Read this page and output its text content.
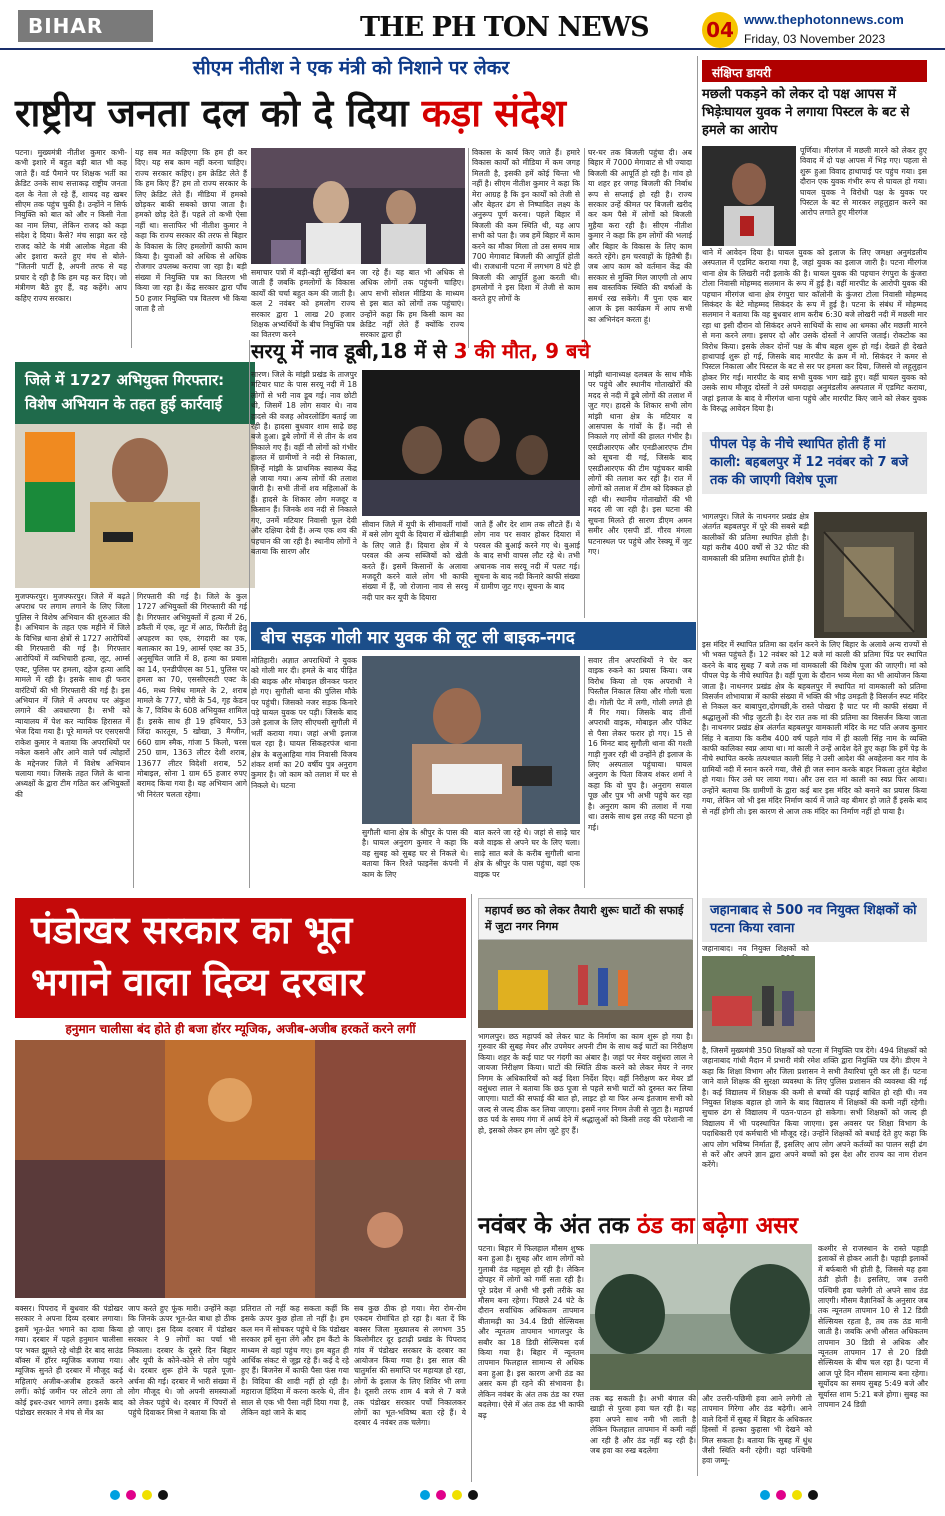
BIHAR	THE PH TON NEWS	04 www.thephotonnews.com
Friday, 03 November 2023
सीएम नीतीश ने एक मंत्री को निशाने पर लेकर
राष्ट्रीय जनता दल को दे दिया कड़ा संदेश
पटना। मुख्यमंत्री नीतीश कुमार कभी-कभी इशारे में बहुत बड़ी बात भी कह जाते हैं। वर्ड पैमाने पर शिक्षक भर्ती का क्रेडिट उनके साथ सत्ताकढ़ राष्ट्रीय जनता दल के नेता ले रहे हैं, शायद वह खबर सीएम तक पहुंच चुकी है। उन्होंने न सिर्फ नियुक्ति को बात को और न किसी नेता का नाम लिया, लेकिन राजद को कड़ा संदेश दे दिया। कैसे? मंच साझा कर रहे राजद कोटे के मंत्री आलोक मेहता की ओर इशारा करते हुए मंच से बोले- "जितनी पार्टी है, अपनी तरफ से यह प्रचार दे रही है कि हम यह कर दिए। जो मंत्रीगण बैठे हुए हैं, वह कहेंगे। आप कहिए राज्य सरकार।
यह सब मत कहिएगा कि हम ही कर दिए। यह सब काम नहीं करना चाहिए। राज्य सरकार कहिए। हम क्रेडिट लेते हैं कि हम किए हैं? हम तो राज्य सरकार के लिए क्रेडिट लेते हैं। मीडिया में हमको छोड़कर बाकी सबको छापा जाता है। हमको छोड़ देते हैं। पहले तो कभी ऐसा नहीं था। सत्ताफिर भी नीतीश कुमार ने कहा कि राज्य सरकार की तरफ से बिहार के विकास के लिए हमलोगों काफी काम किया है। युवाओं को अधिक से अधिक रोजगार उपलब्ध कराया जा रहा है। बड़ी संख्या में नियुक्ति पत्र का वितरण भी किया जा रहा है। केंद्र सरकार द्वारा पाँच 50 हजार नियुक्ति पत्र वितरण भी किया जाता है तो
समाचार पत्रों में बड़ी-बड़ी सुर्खियां बन जाती हैं जबकि हमलोगों के विकास कार्यों की चर्चा बहुत कम की जाती है। कल 2 नवंबर को हमलोग राज्य सरकार द्वारा 1 लाख 20 हजार शिक्षक अभ्यर्थियों के बीच नियुक्ति पत्र का वितरण करने
जा रहे हैं। यह बात भी अधिक से अधिक लोगों तक पहुंचनी चाहिए। आप सभी सोशल मीडिया के माध्यम से इस बात को लोगों तक पहुंचाएं। उन्होंने कहा कि हम किसी काम का क्रेडिट नहीं लेते हैं क्योंकि राज्य सरकार द्वारा ही
विकास के कार्य किए जाते हैं। हमारे विकास कार्यों को मीडिया में कम जगह मिलती है, इसकी हमें कोई चिन्ता भी नहीं है। सीएम नीतीश कुमार ने कहा कि मेरा आग्रह है कि इन कार्यों को तेजी से और बेहतर ढंग से निष्पादित लक्ष्य के अनुरूप पूर्ण करना। पहले बिहार में बिजली की कम स्थिति थी, यह आप सभी को पता है। जब हमें बिहार में काम करने का मौका मिला तो उस समय मात्र 700 मेगावाट बिजली की आपूर्ति होती थी। राजधानी पटना में लगभग 8 घंटे ही बिजली की आपूर्ति हुआ करती थी। हमलोगों ने इस दिशा में तेजी से काम करते हुए लोगों के
घर-घर तक बिजली पहुंचा दी। अब बिहार में 7000 मेगावाट से भी ज्यादा बिजली की आपूर्ति हो रही है। गांव हो या शहर हर जगह बिजली की निर्बाध रूप से सप्लाई हो रही है। राज्य सरकार उन्हें कीमत पर बिजली खरीद कर कम पैसे में लोगों को बिजली मुहैया करा रही है। सीएम नीतीश कुमार ने कहा कि हम लोगों की भलाई और बिहार के विकास के लिए काम करते रहेंगे। हम चरवाहों के हितैषी हैं। जब आप काम को वर्तमान केंद्र की सरकार से मुक्ति मिल जाएगी तो आप सब वास्तविक स्थिति की वर्षाओं के समर्थ रख सकेंगे। मैं पुनः एक बार आज के इस कार्यक्रम में आप सभी का अभिनंदन करता हूं।
संक्षिप्त डायरी
मछली पकड़ने को लेकर दो पक्ष आपस में भिड़ेःघायल युवक ने लगाया पिस्टल के बट से हमले का आरोप
पूर्णिया। मीरगंज में मछली मारने को लेकर हुए विवाद में दो पक्ष आपस में भिड़ गए। पहला से शुरू हुआ विवाद हाथापाई पर पहुंच गया। इस दौरान एक युवक गंभीर रूप से घायल हो गया। घायल युवक ने विरोधी पक्ष के युवक पर पिस्टल के बट से मारकर लहूलुहान करने का आरोप लगाते हुए मीरगंज
थाने में आवेदन दिया है। घायल युवक को इलाज के लिए जमक्षा अनुमंडलीय अस्पताल में एडमिट कराया गया है, जहां युवक का इलाज जारी है। पटना मीरगंज थाना क्षेत्र के लिखरी नदी इलाके की है। घायल युवक की पहचान रंगपुरा के कुंजरा टोला निवासी मोहम्मद सलमान के रूप में हुई है। वहीं मारपीट के आरोपी युवक की पहचान मीरगंज थाना क्षेत्र रंगपुरा चार कॉलोनी के कुंजरा टोला निवासी मोहम्मद सिकंदर के बेटे मोहम्मद सिकंदर के रूप में हुई है। पटना के संबंध में मोहम्मद सलमान ने बताया कि वह बुधवार शाम करीब 6:30 बजे लोखरी नदी में मछली मार रहा था इसी दौरान वो सिकंदर अपने साथियों के साथ आ धमका और मछली मारने से मना करने लगा। इसपर दो और उसके दोस्तों ने आपत्ति जताई। रोकटोक का विरोध किया। इसके लेकर दोनों पक्ष के बीच बहस शुरू हो गई। देखते ही देखते हाथापाई शुरू हो गई, जिसके बाद मारपीट के क्रम में मो. सिकंदर ने कमर से पिस्टल निकाला और पिस्टल के बट से सर पर हमला कर दिया, जिससे वो लहूलुहान होकर गिर गई। मारपीट के बाद सभी युवक भाग खड़े हुए। वहीं घायल युवक को उसके साथ मौजूद दोस्तों ने उसे घमदाहा अनुमंडलीय अस्पताल में एडमिट कराया, जहां इलाज के बाद वे मीरगंज थाना पहुंचे और मारपीट किए जाने को लेकर युवक के विरुद्ध आवेदन दिया है।
पीपल पेड़ के नीचे स्थापित होती हैं मां काली: बहबलपुर में 12 नवंबर को 7 बजे तक की जाएगी विशेष पूजा
भागलपुर। जिले के नाथनगर प्रखंड क्षेत्र अंतर्गत बहबलपुर में पूरे की सबसे बड़ी कालीकों की प्रतिमा स्थापित होती है। यहां करीब 400 वर्षों से 32 फीट की वामकाली की प्रतिमा स्थापित होती है।
इस मंदिर में स्थापित प्रतिमा का दर्शन करने के लिए बिहार के अलावे अन्य राज्यों से भी भक्त पहुंचते हैं। 12 नवंबर को 12 बजे मां काली की प्रतिमा पिंड पर स्थापित करने के बाद सुबह 7 बजे तक मां वामकाली की विशेष पूजा की जाएगी। मां को पीपल पेड़ के नीचे स्थापित है। वहीं पूजा के दौरान भव्य मेला का भी आयोजन किया जाता है। नाथनगर प्रखंड क्षेत्र के बहबलपुर में स्थापित मां वामकाली को प्रतिमा विसर्जन शोभायात्रा में काफी संख्या में भक्ति की भीड़ उमड़ती है विसर्जन स्पट मंदिर से निकल कर बाबापुरा,दोगच्छी,के रास्ते पोखरा है घाट पर मी काफी संख्या में श्रद्धालुओं की भीड़ जुटती है। देर रात तक मां की प्रतिमा का विसर्जन किया जाता है। नाथनगर प्रखंड क्षेत्र अंतर्गत बहबलपुर वामकाली मंदिर के मट पति अजय कुमार सिंह ने बताया कि करीब 400 वर्ष पहले गांव में ही काली सिंह नाम के व्यक्ति काफी कालिका स्वप्न आया था। मां काली ने उन्हें आदेश देते हुए कहा कि हमें पेड़ के नीचे स्थापित करके तत्पश्चात काली सिंह ने उसी आदेश की अवहेलना कर गांव के ग्रामियों नदी में स्नान करने गया, जैसे ही जल स्नान करके बाहर निकला तुरंत बेहोश हो गया। फिर उसे घर लाया गया। और उस रात मां काली का स्वप्न फिर आया। उन्होंने बताया कि ग्रामीणों के द्वारा कई बार इस मंदिर को बनाने का प्रयास किया गया, लेकिन जो भी इस मंदिर निर्माण कार्य में जाते वह बीमार हो जाते हैं इसके बाद से नहीं होगी तो। इस कारण से आज तक मंदिर का निर्माण नहीं हो पाया है।
जहानाबाद से 500 नव नियुक्त शिक्षकों को पटना किया रवाना
जहानाबाद। नव नियुक्त शिक्षकों को
है, जिसमें मुख्यमंत्री 350 शिक्षकों को पटना में नियुक्ति पत्र देंगे। 494 शिक्षकों को जहानाबाद गांधी मैदान में प्रभारी मंत्री रमेश शक्ति द्वारा नियुक्ति पत्र देंगे। डीएम ने कहा कि शिक्षा विभाग और जिला प्रशासन ने सभी तैयारियां पूरी कर ली हैं। पटना जाने वाले शिक्षक की सुरक्षा व्यवस्था के लिए पुलिस प्रशासन की व्यवस्था की गई है। कई विद्यालय में शिक्षक की कमी से बच्चों की पढ़ाई बाधित हो रही थी। नव नियुक्त शिक्षक बहाल हो जाने के बाद विद्यालय में शिक्षकों की कमी नहीं रहेगी। सुचारु ढंग से विद्यालय में पठन-पाठन हो सकेगा। सभी शिक्षकों को जल्द ही विद्यालय में भी पदस्थापित किया जाएगा। इस अवसर पर शिक्षा विभाग के पदाधिकारी एवं कर्मचारी भी मौजूद रहे। उन्होंने शिक्षकों को बधाई देते हुए कहा कि आप लोग भविष्य निर्माता हैं, इसलिए आप लोग अपने कर्तव्यों का पालन सही ढंग से करें और अपने ज्ञान द्वारा अपने बच्चों को इस देश और राज्य का नाम रोशन करेंगे।
जिले में 1727 अभियुक्त गिरफ्तार:
विशेष अभियान के तहत हुई कार्रवाई
मुजफ्फरपुर। मुजफ्फरपुर। जिले में बढ़ते अपराध पर लगाम लगाने के लिए जिला पुलिस ने विशेष अभियान की शुरुआत की है। अभियान के तहत एक महीने में जिले के विभिन्न थाना क्षेत्रों से 1727 आरोपियों की गिरफ्तारी की गई है। गिरफ्तार आरोपियों में व्यभिचारी हत्या, लूट, आर्म्स एक्ट, पुलिस पर हमला, दहेज हत्या आदि मामले में रही है। इसके साथ ही फरार वारंटियों की भी गिरफ्तारी की गई है। इस अभियान में जिले में अपराध पर अंकुश लगाने की अवधारणा है। सभी को न्यायालय में पेश कर न्यायिक हिरासत में भेज दिया गया है। पूरे मामले पर एसएसपी राकेश कुमार ने बताया कि अपराधियों पर नकेल कसने और आने वाले पर्व त्योहारों के मद्देनजर जिले में विशेष अभियान चलाया गया। जिसके तहत जिले के थाना अध्यक्षों के द्वारा टीम गठित कर अभियुक्तों की
गिरफ्तारी की गई है। जिले के कुल 1727 अभियुक्तों की गिरफ्तारी की गई है। गिरफ्तार अभियुक्तों में हत्या में 26, डकैती में एक, लूट में आठ, फिरौती हेतु अपहरण का एक, रंगदारी का एक, बलात्कार का 19, आर्म्स एक्ट का 35, अनुसूचित जाति में 8, हत्या का प्रयास का 14, एनडीपीएस का 51, पुलिस पर हमला का 70, एससीएसटी एक्ट के 46, मध्य निषेध मामले के 2, शराब मामले के 777, चोरी के 54, गृह केडन के 7, विविध के 608 अभियुक्त शामिल हैं। इसके साथ ही 19 हथियार, 53 जिंदा कारतूस, 5 खोखा, 3 मैग्जीन, 660 ग्राम स्मैक, गांजा 5 किलो, चरस 250 ग्राम, 1363 लीटर देशी शराब, 13677 लीटर विदेशी शराब, 52 मोबाइल, सोना 1 ग्राम 65 हजार रुपए बरामद किया गया है। यह अभियान आगे भी निरंतर चलता रहेगा।
सरयू में नाव डूबी,18 में से 3 की मौत, 9 बचे
सारण। जिले के मांझी प्रखंड के ताजपुर मटियार घाट के पास सरयू नदी में 18 लोगों से भरी नाव डूब गई। नाव छोटी थी, जिसमें 18 लोग सवार थे। नाव हादसे की वजह ओवरलोडिंग बताई जा रही है। हादसा बुधवार शाम साढ़े छह बजे हुआ। डूबे लोगों में से तीन के शव निकाले गए हैं। वहीं नौ लोगों को गंभीर हालत में ग्रामीणों ने नदी से निकाला, जिन्हें मांझी के प्राथमिक स्वास्थ्य केंद्र ले जाया गया। अन्य लोगों की तलाश जारी है। सभी तीनों शव महिलाओं के हैं। हादसे के शिकार लोग मजदूर व किसान हैं। जिनके शव नदी से निकाले गए, उनमें मटियार निवासी फूल देवी और दक्षिया देवी हैं। अन्य एक शव की पहचान की जा रही है। स्थानीय लोगों ने बताया कि सारण और
सीवान जिले में यूपी के सीमावर्ती गांवों में बसे लोग यूपी के दियारा में खेतीबाड़ी के लिए जाते हैं। दियारा क्षेत्र में ये परवल की अन्य सब्जियों को खेती करते हैं। इसमें किसानों के अलावा मजदूरी करने वाले लोग भी काफी संख्या में हैं, जो रोजाना नाव से सरयू नदी पार कर यूपी के दियारा
जाते हैं और देर शाम तक लौटते हैं। ये लोग नाव पर सवार होकर दियारा में परवल की बुआई करने गए थे। बुआई के बाद सभी वापस लौट रहे थे। तभी अचानक नाव सरयू नदी में पलट गई। सूचना के बाद नदी किनारे काफी संख्या में ग्रामीण जुट गए। सूचना के बाद
मांझी थानाध्यक्ष दलबल के साथ मौके पर पहुंचे और स्थानीय गोताखोरों की मदद से नदी में डूबे लोगों की तलाश में जुट गए। हादसे के शिकार सभी लोग मांझी थाना क्षेत्र के मटियार व आसपास के गांवों के हैं। नदी से निकाले गए लोगों की हालत गंभीर है। एसडीआरएफ और एनडीआरएफ टीम को सूचना दी गई, जिसके बाद एसडीआरएफ की टीम पहुंचकर बाकी लोगों की तलाश कर रही है। रात में लोगों को तलाश में टीम को दिक्कत हो रही थी। स्थानीय गोताखोरों की भी मदद ली जा रही है। इस घटना की सूचना मिलते ही सारण डीएम अमन समीर और एसपी डॉ. गौरव मंगला घटनास्थल पर पहुंचे और रेस्क्यू में जुट गए।
बीच सड़क गोली मार युवक की लूट ली बाइक-नगद
मोतिहारी। अज्ञात अपराधियों ने युवक को गोली मार दी। हमले के बाद पीड़ित की बाइक और मोबाइल छीनकर फरार हो गए। सुगौली थाना की पुलिस मौके पर पहुंची। जिसको नजर सड़क किनारे पड़े घायल युवक पर पड़ी। जिसके बाद उसे इलाज के लिए सीएचसी सुगौली में भर्ती कराया गया। जहां अभी इलाज चल रहा है। घायल सिकहरपंज थाना क्षेत्र के बलुआहिया गांव निवासी विजय शंकर शर्मा का 20 वर्षीय पुत्र अनुराग कुमार है। जो काम को तलाश में घर से निकले थे। घटना
सुगौली थाना क्षेत्र के श्रीपुर के पास की है। घायल अनुराग कुमार ने कहा कि वह सुबह को सुबह घर से निकले थे। बताया किन रिश्ते फाइनेंस कंपनी में काम के लिए
बात करने जा रहे थे। जहां से साढ़े चार बजे वाइक से अपने घर के लिए चला। साढ़े सात बजे के करीब सुगौली थाना क्षेत्र के श्रीपुर के पास पहुंचा, वहां एक वाइक पर
सवार तीन अपराधियों ने घेर कर वाइक रुकने का प्रयास किया। जब विरोध किया तो एक अपराधी ने पिस्तौल निकाल लिया और गोली चला दी। गोली पेट में लगी, गोली लगते ही मैं गिर गया। जिसके बाद तीनों अपराधी वाइक, मोबाइल और पॉकेट से पैसा लेकर फरार हो गए। 15 से 16 मिनट बाद सुगौली थाना की गश्ती गाड़ी गुजर रही थी उन्होंने ही इलाज के लिए अस्पताल पहुंचाया। घायल अनुराग के पिता विजय शंकर शर्मा ने कहा कि वो चुप है। अनुराग सवाल पूछ और पुत्र भी अभी पहुंचे कर रहा है। अनुराग काम की तलाश में गया था। उसके साथ इस तरह की घटना हो गई।
पंडोखर सरकार का भूत
भगाने वाला दिव्य दरबार
हनुमान चालीसा बंद होते ही बजा हॉरर म्यूजिक, अजीब-अजीब हरकतें करने लगीं
बक्सर। पिपराद में बुधवार की पंडोखर सरकार ने अपना दिव्य दरबार लगाया। इसमें भूत-प्रेत भगाने का दावा किया गया। दरबार में पहले हनुमान चालीसा पर भक्त झूमते रहे थोड़ी देर बाद साउंड बॉक्स में हॉरर म्यूजिक बजाया गया। म्यूजिक सुनते ही दरबार में मौजूद कई महिलाएं अजीब-अजीब हरकतें करने लगीं। कोई जमीन पर लोटने लगा तो कोई इधर-उधर भागने लगा। इसके बाद पंडोखर सरकार ने मंच से मेंत्र का
जाप करते हुए फूंक मारी। उन्होंने कहा कि जिनके ऊपर भूत-प्रेत बाधा हो ठीक हो जाए। इस दिव्य दरबार में पंडोखर सरकार ने 9 लोगों का पर्चा भी निकाला। दरबार के दूसरे दिन बिहार और यूपी के कोने-कोने से लोग पहुंचे थे। दरबार शुरू होने के पहले पूजा-अर्चना की गई। दरबार में भारी संख्या में लोग मौजूद थे। जो अपनी समस्याओं को लेकर पहुंचे थे। दरबार में पिपरों से पहुंचे दिवाकर मिश्रा ने बताया कि वो
प्रतिरात तो नहीं कह सकता कहीं कि इसके ऊपर कुछ होता तो नहीं है। हम कल मन में सोचकर पहुंचे थे कि पंडोखर सरकार हमें सुना लेंगे और हम कैंटो के माध्यम से वहां पहुंच गए। हम बहुत ही आर्थिक संकट से जूझ रहे हैं। कई दे रहे हुए हैं। बिजनेस में काफी पैसा फंस गया है। विदिया की शादी नहीं हो रही है। महाराज हिंदिया में करना करके थे, तीन साल से एक भी पैसा नहीं दिया गया है, लेकिन वहां जाने के बाद
सब कुछ ठीक हो गया। मेरा रोम-रोम एकदम रोमांचित हो रहा है। बता दें कि बक्सर जिला मुख्यालय से लगभग 35 किलोमीटर दूर इटाढ़ी प्रखंड के पिपराद गांव में पंडोखर सरकार के दरबार का आयोजन किया गया है। इस साल की चातुर्मास की समाप्ति पर महायज्ञ हो रहा, लोगों के इलाज के लिए शिविर भी लगा है। दूसरी तरफ शाम 4 बजे से 7 बजे तक पंडोखर सरकार पर्चों निकालकर लोगों का भूत-भविष्य बता रहे हैं। ये दरबार 4 नवंबर तक चलेगा।
महापर्व छठ को लेकर तैयारी शुरूः घाटों की सफाई में जुटा नगर निगम
भागलपुर। छठ महापर्व को लेकर घाट के निर्माण का काम शुरू हो गया है। गुरुवार की सुबह मेयर और उपमेयर अपनी टीम के साथ कई घाटों का निरीक्षण किया। शहर के कई घाट पर गंदगी का अंबार है। जहां पर मेयर वसुंधरा लाल ने जायजा निरीक्षण किया। घाटों की स्थिति ठीक करने को लेकर मेयर ने नगर निगम के अधिकारियों को कई दिशा निर्देश दिए। वहीं निरीक्षण कर मेयर डॉ वसुंधरा लाल ने बताया कि छठ पूजा से पहले सभी घाटों को दुरुस्त कर लिया जाएगा। घाटों की सफाई की बात हो, लाइट हो या फिर अन्य इंतजाम सभी को जल्द से जल्द ठीक कर लिया जाएगा। इसमें नगर निगम तेजी से जुटा है। महापर्व छठ पर्व के समय गंगा में अर्घ्य देने में श्रद्धालुओं को किसी तरह की परेशानी ना हो, इसको लेकर हम लोग जुटे हुए हैं।
नवंबर के अंत तक ठंड का बढ़ेगा असर
पटना। बिहार में फिलहाल मौसम शुष्क बना हुआ है। सुबह और शाम लोगों को गुलाबी ठंड महसूस हो रही है। लेकिन दोपहर में लोगों को गर्मी सता रही है। पूरे प्रदेश में अभी भी इसी तरीके का मौसम बना रहेगा। पिछले 24 घंटे के दौरान सर्वाधिक अधिकतम तापमान बीतामढ़ी का 34.4 डिग्री सेल्सियस और न्यूनतम तापमान भागलपुर के सबौर का 18 डिग्री सेल्सियस दर्ज किया गया है। बिहार में न्यूनतम तापमान फिलहाल सामान्य से अधिक बना हुआ है। इस कारण अभी ठंड का असर कम ही रहने की संभावना है। लेकिन नवंबर के अंत तक ठंड का रफ्त बदलेगा। ऐसे में अंत तक ठंड भी काफी बढ़
तक बढ़ सकती है। अभी बंगाल की खाड़ी से पुरवा हवा चल रही है। यह हवा अपने साथ नमी भी लाती है लेकिन फिलहाल तापमान में कमी नहीं आ रही है और ठंड नहीं बढ़ रही है। जब हवा का रुख बदलेगा
और उत्तरी-पछिमी हवा आने लगेगी तो तापमान गिरेगा और ठंड बढ़ेगी। आने वाले दिनों में सुबह में बिहार के अधिकतर हिस्सों में हल्का कुहासा भी देखने को मिल सकता है। बताया कि सुबह में धुंध जैसी स्थिति बनी रहेगी। वहां पश्चिमी हवा जम्मू-
कश्मीर से राजस्थान के रास्ते पहाड़ी इलाकों से होकर आती है। पहाड़ी इलाकों में बर्फबारी भी होती है, जिससे यह हवा ठंडी होती है। इसलिए, जब उत्तरी पश्चिमी हवा चलेगी तो अपने साथ ठंड लाएगी। मौसम वैज्ञानिकों के अनुसार जब तक न्यूनतम तापमान 10 से 12 डिग्री सेल्सियस रहता है, तब तक ठंड मानी जाती है। जबकि अभी औसत अधिकतम तापमान 30 डिग्री से अधिक और न्यूनतम तापमान 17 से 20 डिग्री सेल्सियस के बीच चल रहा है। पटना में आज पूरे दिन मौसम सामान्य बना रहेगा। सूर्योदय का समय सुबह 5:49 बजे और सूर्यास्त शाम 5:21 बजे होगा। सुबह का तापमान 24 डिग्री
